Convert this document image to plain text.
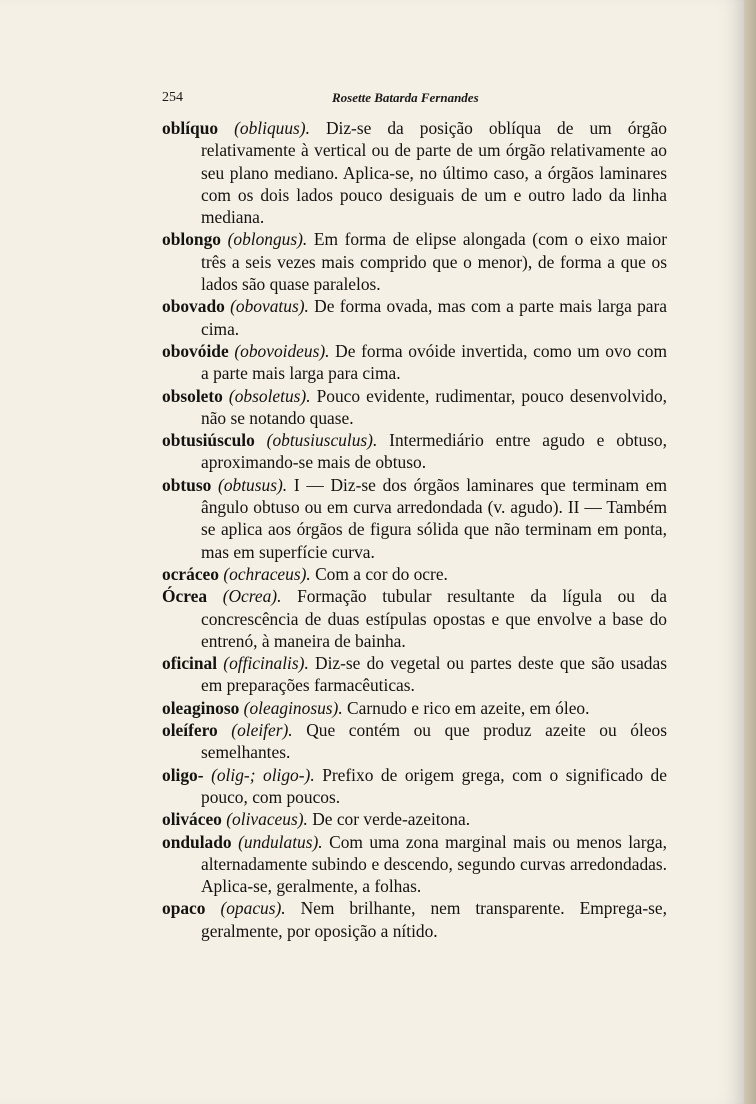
254	Rosette Batarda Fernandes

oblíquo (obliquus). Diz-se da posição oblíqua de um órgão relativamente à vertical ou de parte de um órgão relativamente ao seu plano mediano. Aplica-se, no último caso, a órgãos laminares com os dois lados pouco desiguais de um e outro lado da linha mediana.

oblongo (oblongus). Em forma de elipse alongada (com o eixo maior três a seis vezes mais comprido que o menor), de forma a que os lados são quase paralelos.

obovado (obovatus). De forma ovada, mas com a parte mais larga para cima.

obovóide (obovoideus). De forma ovóide invertida, como um ovo com a parte mais larga para cima.

obsoleto (obsoletus). Pouco evidente, rudimentar, pouco desenvolvido, não se notando quase.

obtusiúsculo (obtusiusculus). Intermediário entre agudo e obtuso, aproximando-se mais de obtuso.

obtuso (obtusus). I — Diz-se dos órgãos laminares que terminam em ângulo obtuso ou em curva arredondada (v. agudo). II — Também se aplica aos órgãos de figura sólida que não terminam em ponta, mas em superfície curva.

ocráceo (ochraceus). Com a cor do ocre.

Ócrea (Ocrea). Formação tubular resultante da lígula ou da concrescência de duas estípulas opostas e que envolve a base do entrenó, à maneira de bainha.

oficinal (officinalis). Diz-se do vegetal ou partes deste que são usadas em preparações farmacêuticas.

oleaginoso (oleaginosus). Carnudo e rico em azeite, em óleo.

oleífero (oleifer). Que contém ou que produz azeite ou óleos semelhantes.

oligo- (olig-; oligo-). Prefixo de origem grega, com o significado de pouco, com poucos.

oliváceo (olivaceus). De cor verde-azeitona.

ondulado (undulatus). Com uma zona marginal mais ou menos larga, alternadamente subindo e descendo, segundo curvas arredondadas. Aplica-se, geralmente, a folhas.

opaco (opacus). Nem brilhante, nem transparente. Emprega-se, geralmente, por oposição a nítido.
